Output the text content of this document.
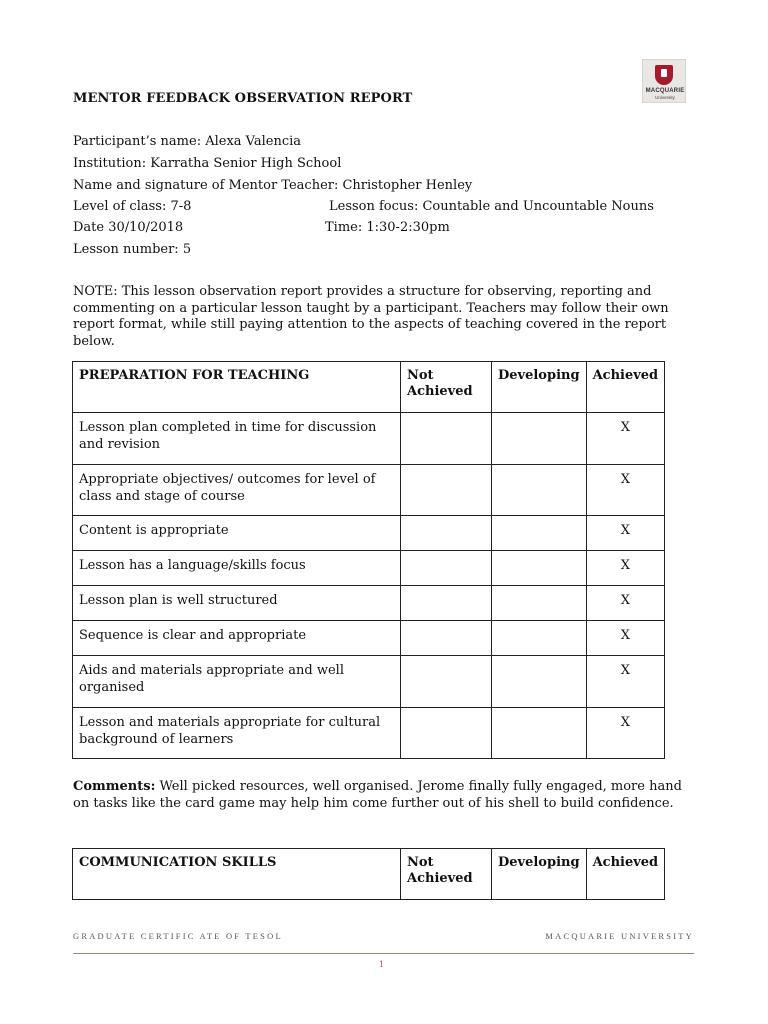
MACQUARIE
University
MENTOR FEEDBACK OBSERVATION REPORT
Participant’s name: Alexa Valencia
Institution: Karratha Senior High School
Name and signature of Mentor Teacher: Christopher Henley
Level of class: 7-8	Lesson focus: Countable and Uncountable Nouns
Date 30/10/2018	Time: 1:30-2:30pm
Lesson number: 5
NOTE: This lesson observation report provides a structure for observing, reporting and commenting on a particular lesson taught by a participant. Teachers may follow their own report format, while still paying attention to the aspects of teaching covered in the report below.
PREPARATION FOR TEACHING	Not Achieved	Developing	Achieved
Lesson plan completed in time for discussion and revision			X
Appropriate objectives/ outcomes for level of class and stage of course			X
Content is appropriate			X
Lesson has a language/skills focus			X
Lesson plan is well structured			X
Sequence is clear and appropriate			X
Aids and materials appropriate and well organised			X
Lesson and materials appropriate for cultural background of learners			X
Comments: Well picked resources, well organised. Jerome finally fully engaged, more hand on tasks like the card game may help him come further out of his shell to build confidence.
COMMUNICATION SKILLS	Not Achieved	Developing	Achieved
GRADUATE CERTIFIC ATE OF TESOL	MACQUARIE UNIVERSITY
1
